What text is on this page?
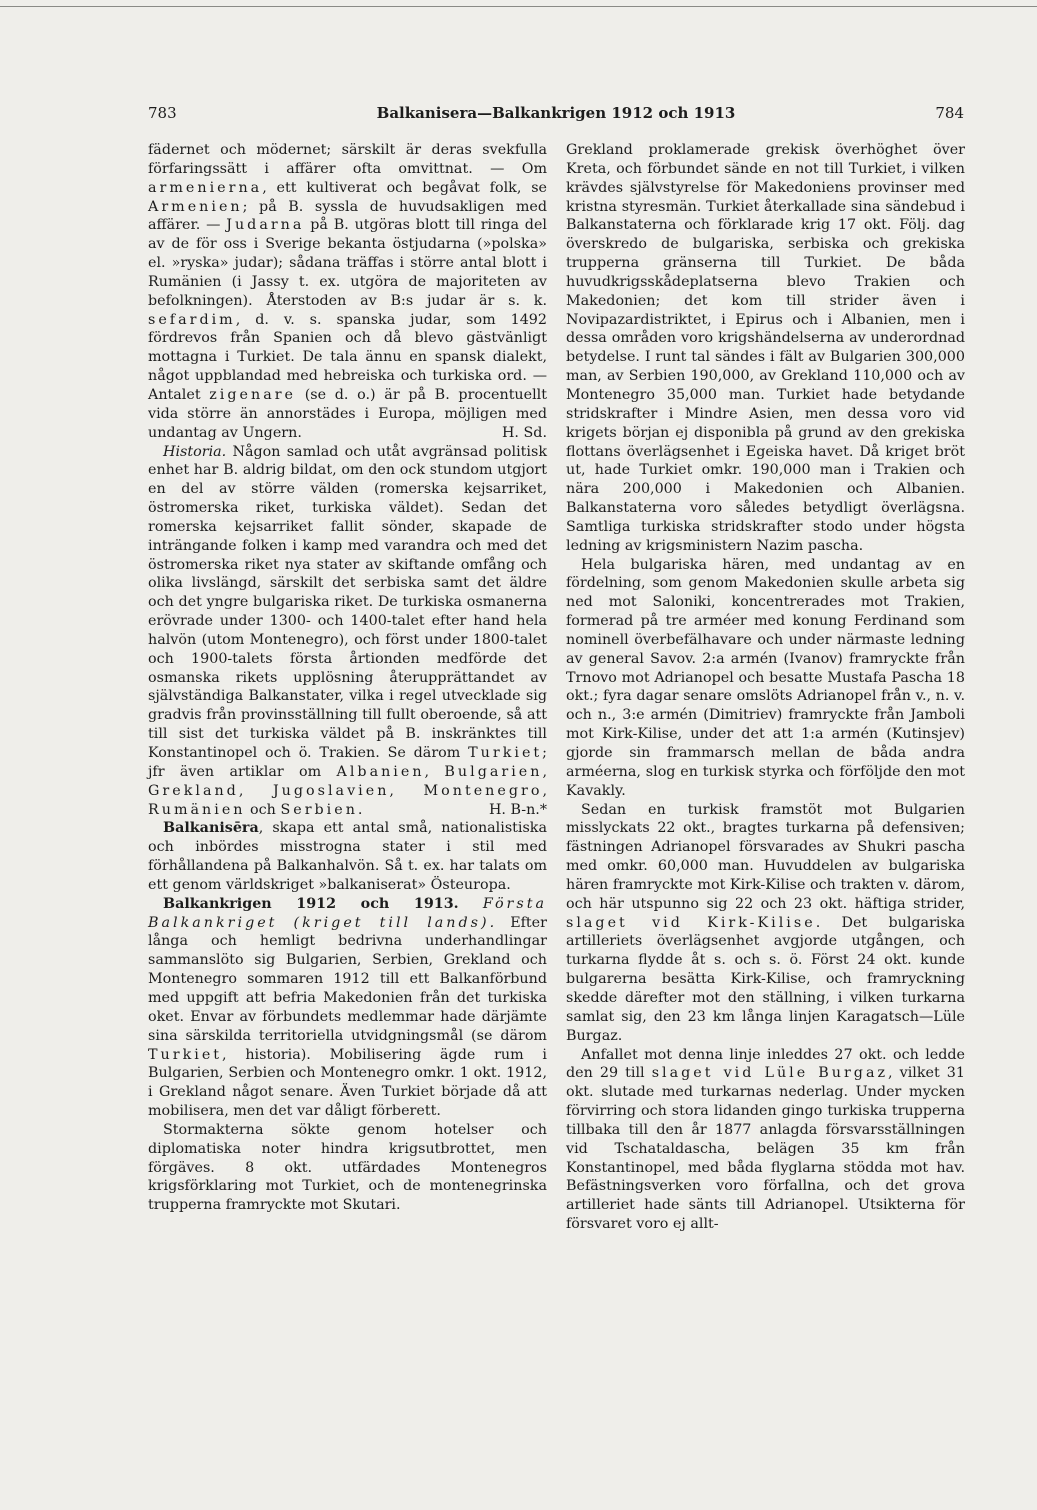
783	Balkanisera—Balkankrigen 1912 och 1913	784

fädernet och mödernet; särskilt är deras svekfulla förfaringssätt i affärer ofta omvittnat. — Om armenierna, ett kultiverat och begåvat folk, se Armenien; på B. syssla de huvudsakligen med affärer. — Judarna på B. utgöras blott till ringa del av de för oss i Sverige bekanta östjudarna (»polska» el. »ryska» judar); sådana träffas i större antal blott i Rumänien (i Jassy t. ex. utgöra de majoriteten av befolkningen). Återstoden av B:s judar är s. k. sefardim, d. v. s. spanska judar, som 1492 fördrevos från Spanien och då blevo gästvänligt mottagna i Turkiet. De tala ännu en spansk dialekt, något uppblandad med hebreiska och turkiska ord. — Antalet zigenare (se d. o.) är på B. procentuellt vida större än annorstädes i Europa, möjligen med undantag av Ungern.	H. Sd.

Historia. Någon samlad och utåt avgränsad politisk enhet har B. aldrig bildat, om den ock stundom utgjort en del av större välden (romerska kejsarriket, östromerska riket, turkiska väldet). Sedan det romerska kejsarriket fallit sönder, skapade de inträngande folken i kamp med varandra och med det östromerska riket nya stater av skiftande omfång och olika livslängd, särskilt det serbiska samt det äldre och det yngre bulgariska riket. De turkiska osmanerna erövrade under 1300- och 1400-talet efter hand hela halvön (utom Montenegro), och först under 1800-talet och 1900-talets första årtionden medförde det osmanska rikets upplösning återupprättandet av självständiga Balkanstater, vilka i regel utvecklade sig gradvis från provinsställning till fullt oberoende, så att till sist det turkiska väldet på B. inskränktes till Konstantinopel och ö. Trakien. Se därom Turkiet; jfr även artiklar om Albanien, Bulgarien, Grekland, Jugoslavien, Montenegro, Rumänien och Serbien.	H. B-n.*

Balkanisēra, skapa ett antal små, nationalistiska och inbördes misstrogna stater i stil med förhållandena på Balkanhalvön. Så t. ex. har talats om ett genom världskriget »balkaniserat» Östeuropa.

Balkankrigen 1912 och 1913. Första Balkankriget (kriget till lands). Efter långa och hemligt bedrivna underhandlingar sammanslöto sig Bulgarien, Serbien, Grekland och Montenegro sommaren 1912 till ett Balkanförbund med uppgift att befria Makedonien från det turkiska oket. Envar av förbundets medlemmar hade därjämte sina särskilda territoriella utvidgningsmål (se därom Turkiet, historia). Mobilisering ägde rum i Bulgarien, Serbien och Montenegro omkr. 1 okt. 1912, i Grekland något senare. Även Turkiet började då att mobilisera, men det var dåligt förberett.

Stormakterna sökte genom hotelser och diplomatiska noter hindra krigsutbrottet, men förgäves. 8 okt. utfärdades Montenegros krigsförklaring mot Turkiet, och de montenegrinska trupperna framryckte mot Skutari.

Grekland proklamerade grekisk överhöghet över Kreta, och förbundet sände en not till Turkiet, i vilken krävdes självstyrelse för Makedoniens provinser med kristna styresmän. Turkiet återkallade sina sändebud i Balkanstaterna och förklarade krig 17 okt. Följ. dag överskredo de bulgariska, serbiska och grekiska trupperna gränserna till Turkiet. De båda huvudkrigsskådeplatserna blevo Trakien och Makedonien; det kom till strider även i Novipazardistriktet, i Epirus och i Albanien, men i dessa områden voro krigshändelserna av underordnad betydelse. I runt tal sändes i fält av Bulgarien 300,000 man, av Serbien 190,000, av Grekland 110,000 och av Montenegro 35,000 man. Turkiet hade betydande stridskrafter i Mindre Asien, men dessa voro vid krigets början ej disponibla på grund av den grekiska flottans överlägsenhet i Egeiska havet. Då kriget bröt ut, hade Turkiet omkr. 190,000 man i Trakien och nära 200,000 i Makedonien och Albanien. Balkanstaterna voro således betydligt överlägsna. Samtliga turkiska stridskrafter stodo under högsta ledning av krigsministern Nazim pascha.

Hela bulgariska hären, med undantag av en fördelning, som genom Makedonien skulle arbeta sig ned mot Saloniki, koncentrerades mot Trakien, formerad på tre arméer med konung Ferdinand som nominell överbefälhavare och under närmaste ledning av general Savov. 2:a armén (Ivanov) framryckte från Trnovo mot Adrianopel och besatte Mustafa Pascha 18 okt.; fyra dagar senare omslöts Adrianopel från v., n. v. och n., 3:e armén (Dimitriev) framryckte från Jamboli mot Kirk-Kilise, under det att 1:a armén (Kutinsjev) gjorde sin frammarsch mellan de båda andra arméerna, slog en turkisk styrka och förföljde den mot Kavakly.

Sedan en turkisk framstöt mot Bulgarien misslyckats 22 okt., bragtes turkarna på defensiven; fästningen Adrianopel försvarades av Shukri pascha med omkr. 60,000 man. Huvuddelen av bulgariska hären framryckte mot Kirk-Kilise och trakten v. därom, och här utspunno sig 22 och 23 okt. häftiga strider, slaget vid Kirk-Kilise. Det bulgariska artilleriets överlägsenhet avgjorde utgången, och turkarna flydde åt s. och s. ö. Först 24 okt. kunde bulgarerna besätta Kirk-Kilise, och framryckning skedde därefter mot den ställning, i vilken turkarna samlat sig, den 23 km långa linjen Karagatsch—Lüle Burgaz.

Anfallet mot denna linje inleddes 27 okt. och ledde den 29 till slaget vid Lüle Burgaz, vilket 31 okt. slutade med turkarnas nederlag. Under mycken förvirring och stora lidanden gingo turkiska trupperna tillbaka till den år 1877 anlagda försvarsställningen vid Tschataldascha, belägen 35 km från Konstantinopel, med båda flyglarna stödda mot hav. Befästningsverken voro förfallna, och det grova artilleriet hade sänts till Adrianopel. Utsikterna för försvaret voro ej allt-
